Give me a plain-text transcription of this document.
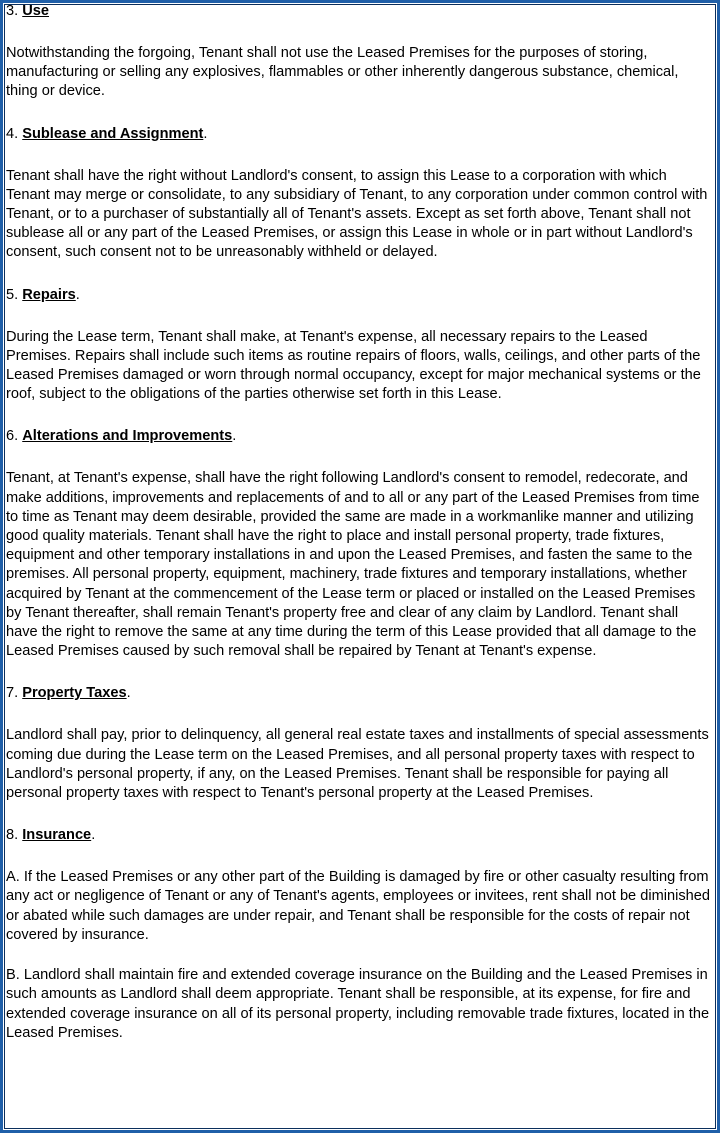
3. Use

Notwithstanding the forgoing, Tenant shall not use the Leased Premises for the purposes of storing, manufacturing or selling any explosives, flammables or other inherently dangerous substance, chemical, thing or device.

4. Sublease and Assignment.

Tenant shall have the right without Landlord's consent, to assign this Lease to a corporation with which Tenant may merge or consolidate, to any subsidiary of Tenant, to any corporation under common control with Tenant, or to a purchaser of substantially all of Tenant's assets. Except as set forth above, Tenant shall not sublease all or any part of the Leased Premises, or assign this Lease in whole or in part without Landlord's consent, such consent not to be unreasonably withheld or delayed.

5. Repairs.

During the Lease term, Tenant shall make, at Tenant's expense, all necessary repairs to the Leased Premises. Repairs shall include such items as routine repairs of floors, walls, ceilings, and other parts of the Leased Premises damaged or worn through normal occupancy, except for major mechanical systems or the roof, subject to the obligations of the parties otherwise set forth in this Lease.

6. Alterations and Improvements.

Tenant, at Tenant's expense, shall have the right following Landlord's consent to remodel, redecorate, and make additions, improvements and replacements of and to all or any part of the Leased Premises from time to time as Tenant may deem desirable, provided the same are made in a workmanlike manner and utilizing good quality materials. Tenant shall have the right to place and install personal property, trade fixtures, equipment and other temporary installations in and upon the Leased Premises, and fasten the same to the premises. All personal property, equipment, machinery, trade fixtures and temporary installations, whether acquired by Tenant at the commencement of the Lease term or placed or installed on the Leased Premises by Tenant thereafter, shall remain Tenant's property free and clear of any claim by Landlord. Tenant shall have the right to remove the same at any time during the term of this Lease provided that all damage to the Leased Premises caused by such removal shall be repaired by Tenant at Tenant's expense.

7. Property Taxes.

Landlord shall pay, prior to delinquency, all general real estate taxes and installments of special assessments coming due during the Lease term on the Leased Premises, and all personal property taxes with respect to Landlord's personal property, if any, on the Leased Premises. Tenant shall be responsible for paying all personal property taxes with respect to Tenant's personal property at the Leased Premises.

8. Insurance.

A. If the Leased Premises or any other part of the Building is damaged by fire or other casualty resulting from any act or negligence of Tenant or any of Tenant's agents, employees or invitees, rent shall not be diminished or abated while such damages are under repair, and Tenant shall be responsible for the costs of repair not covered by insurance.

B. Landlord shall maintain fire and extended coverage insurance on the Building and the Leased Premises in such amounts as Landlord shall deem appropriate. Tenant shall be responsible, at its expense, for fire and extended coverage insurance on all of its personal property, including removable trade fixtures, located in the Leased Premises.
